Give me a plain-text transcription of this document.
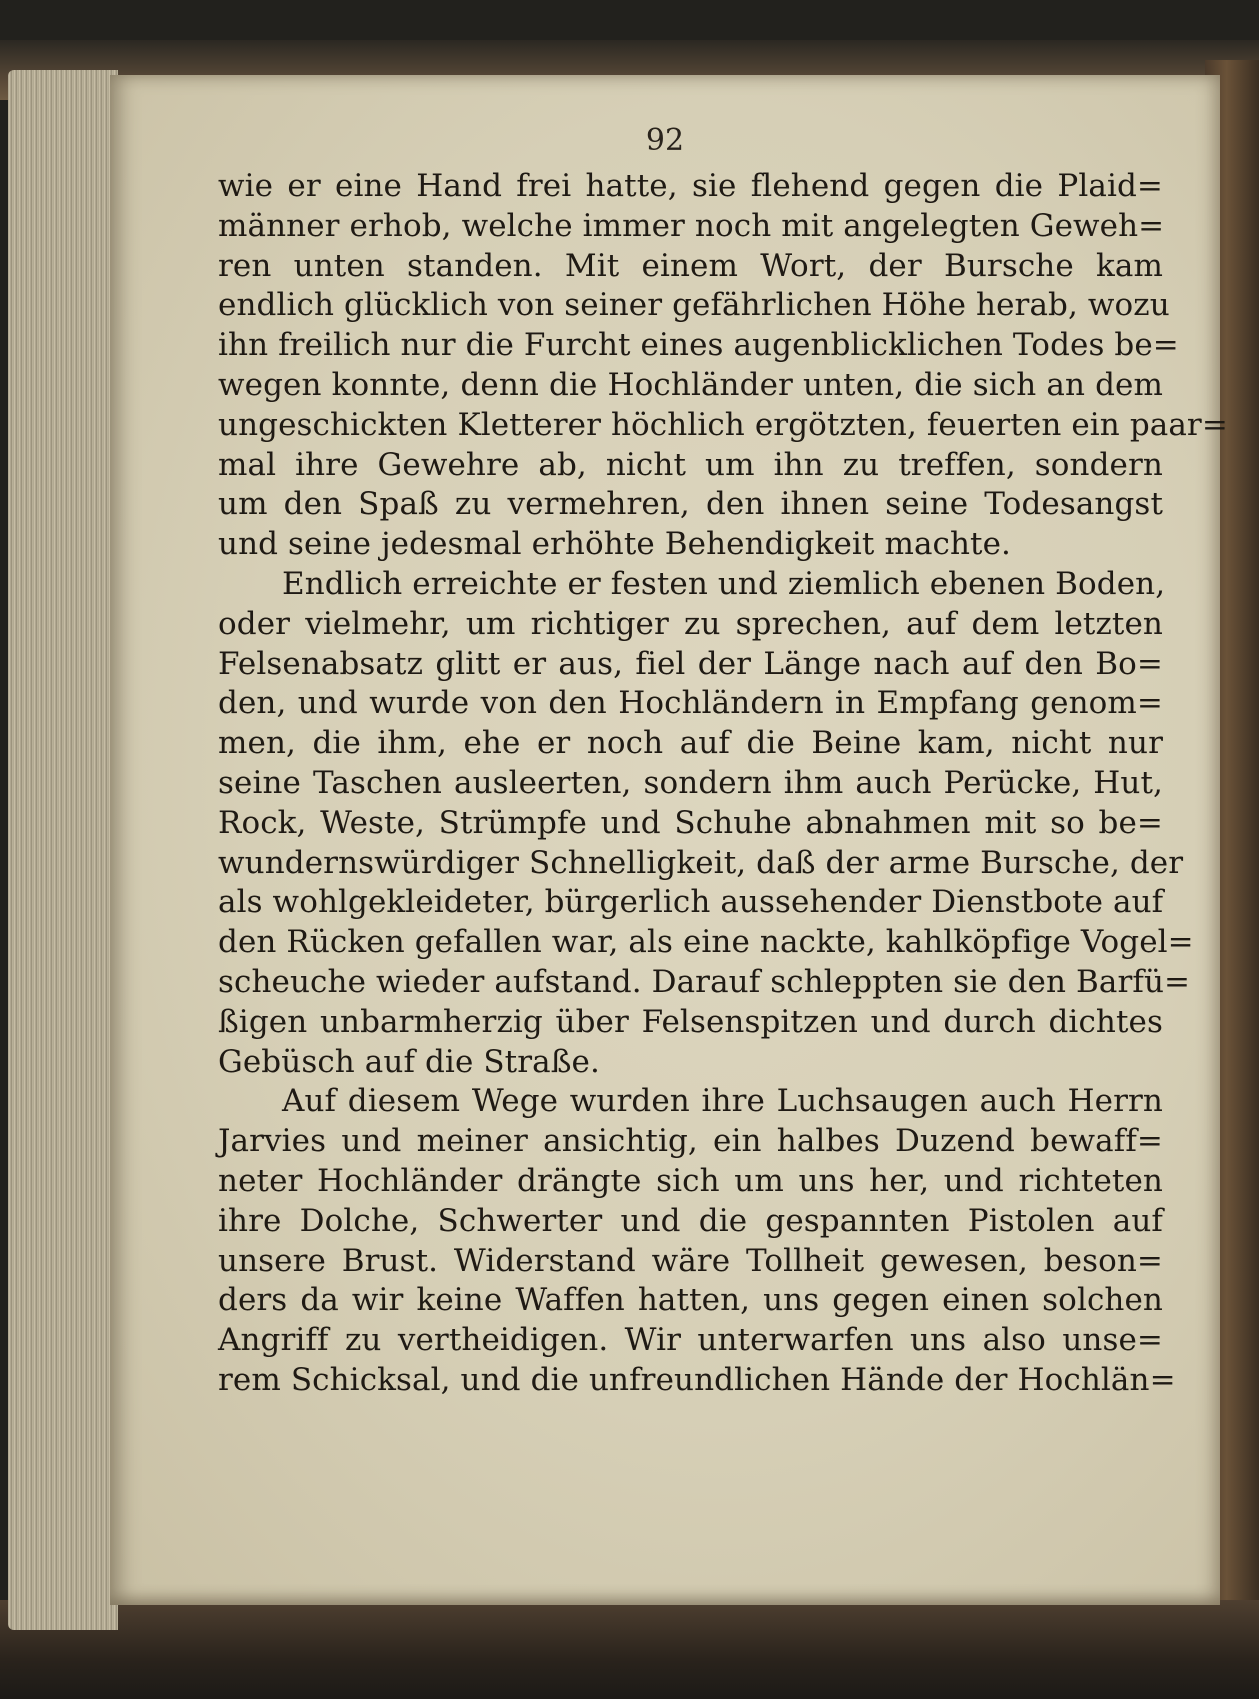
92
wie er eine Hand frei hatte, sie flehend gegen die Plaid=
männer erhob, welche immer noch mit angelegten Geweh=
ren unten standen. Mit einem Wort, der Bursche kam
endlich glücklich von seiner gefährlichen Höhe herab, wozu
ihn freilich nur die Furcht eines augenblicklichen Todes be=
wegen konnte, denn die Hochländer unten, die sich an dem
ungeschickten Kletterer höchlich ergötzten, feuerten ein paar=
mal ihre Gewehre ab, nicht um ihn zu treffen, sondern
um den Spaß zu vermehren, den ihnen seine Todesangst
und seine jedesmal erhöhte Behendigkeit machte.
Endlich erreichte er festen und ziemlich ebenen Boden,
oder vielmehr, um richtiger zu sprechen, auf dem letzten
Felsenabsatz glitt er aus, fiel der Länge nach auf den Bo=
den, und wurde von den Hochländern in Empfang genom=
men, die ihm, ehe er noch auf die Beine kam, nicht nur
seine Taschen ausleerten, sondern ihm auch Perücke, Hut,
Rock, Weste, Strümpfe und Schuhe abnahmen mit so be=
wundernswürdiger Schnelligkeit, daß der arme Bursche, der
als wohlgekleideter, bürgerlich aussehender Dienstbote auf
den Rücken gefallen war, als eine nackte, kahlköpfige Vogel=
scheuche wieder aufstand. Darauf schleppten sie den Barfü=
ßigen unbarmherzig über Felsenspitzen und durch dichtes
Gebüsch auf die Straße.
Auf diesem Wege wurden ihre Luchsaugen auch Herrn
Jarvies und meiner ansichtig, ein halbes Duzend bewaff=
neter Hochländer drängte sich um uns her, und richteten
ihre Dolche, Schwerter und die gespannten Pistolen auf
unsere Brust. Widerstand wäre Tollheit gewesen, beson=
ders da wir keine Waffen hatten, uns gegen einen solchen
Angriff zu vertheidigen. Wir unterwarfen uns also unse=
rem Schicksal, und die unfreundlichen Hände der Hochlän=
